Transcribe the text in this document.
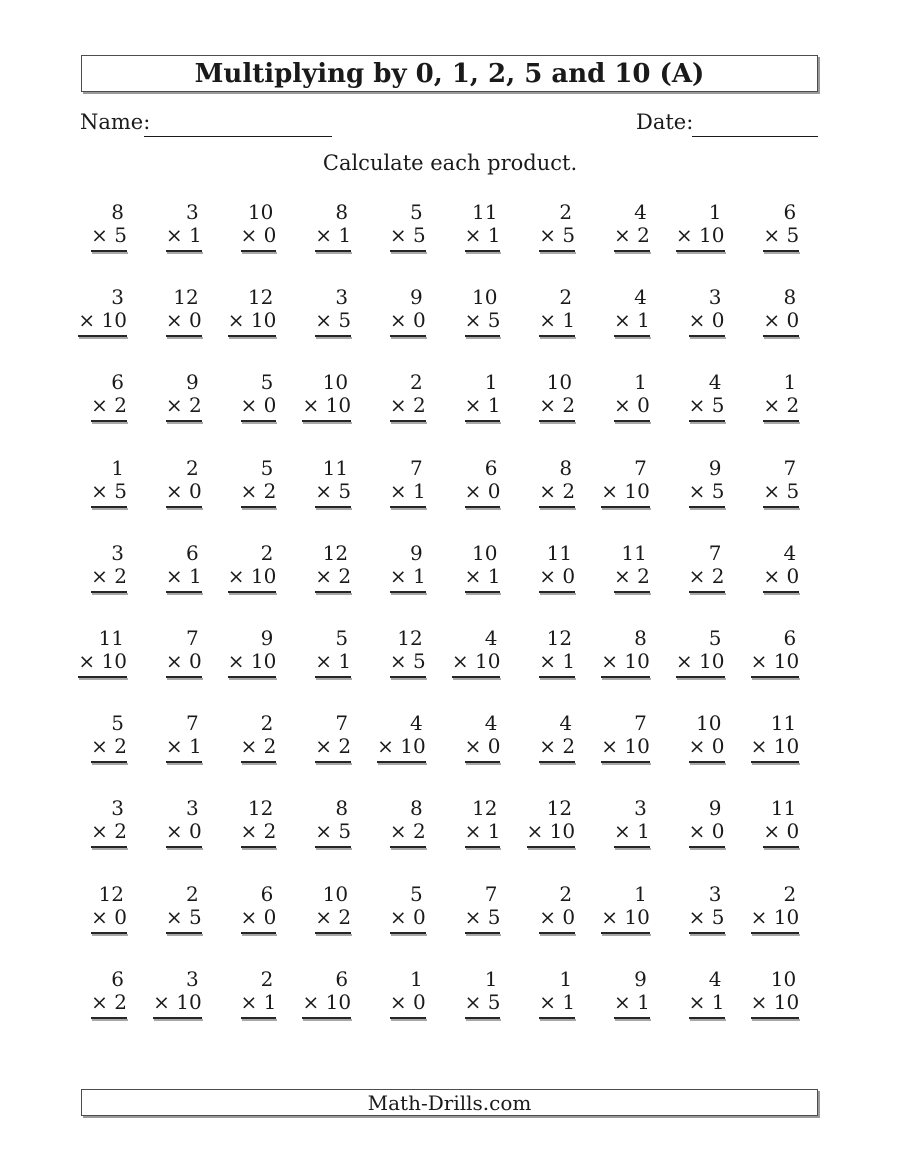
Multiplying by 0, 1, 2, 5 and 10 (A)
Name:	Date:
Calculate each product.
8
× 5
3
× 1
10
× 0
8
× 1
5
× 5
11
× 1
2
× 5
4
× 2
1
× 10
6
× 5
3
× 10
12
× 0
12
× 10
3
× 5
9
× 0
10
× 5
2
× 1
4
× 1
3
× 0
8
× 0
6
× 2
9
× 2
5
× 0
10
× 10
2
× 2
1
× 1
10
× 2
1
× 0
4
× 5
1
× 2
1
× 5
2
× 0
5
× 2
11
× 5
7
× 1
6
× 0
8
× 2
7
× 10
9
× 5
7
× 5
3
× 2
6
× 1
2
× 10
12
× 2
9
× 1
10
× 1
11
× 0
11
× 2
7
× 2
4
× 0
11
× 10
7
× 0
9
× 10
5
× 1
12
× 5
4
× 10
12
× 1
8
× 10
5
× 10
6
× 10
5
× 2
7
× 1
2
× 2
7
× 2
4
× 10
4
× 0
4
× 2
7
× 10
10
× 0
11
× 10
3
× 2
3
× 0
12
× 2
8
× 5
8
× 2
12
× 1
12
× 10
3
× 1
9
× 0
11
× 0
12
× 0
2
× 5
6
× 0
10
× 2
5
× 0
7
× 5
2
× 0
1
× 10
3
× 5
2
× 10
6
× 2
3
× 10
2
× 1
6
× 10
1
× 0
1
× 5
1
× 1
9
× 1
4
× 1
10
× 10
Math-Drills.com
